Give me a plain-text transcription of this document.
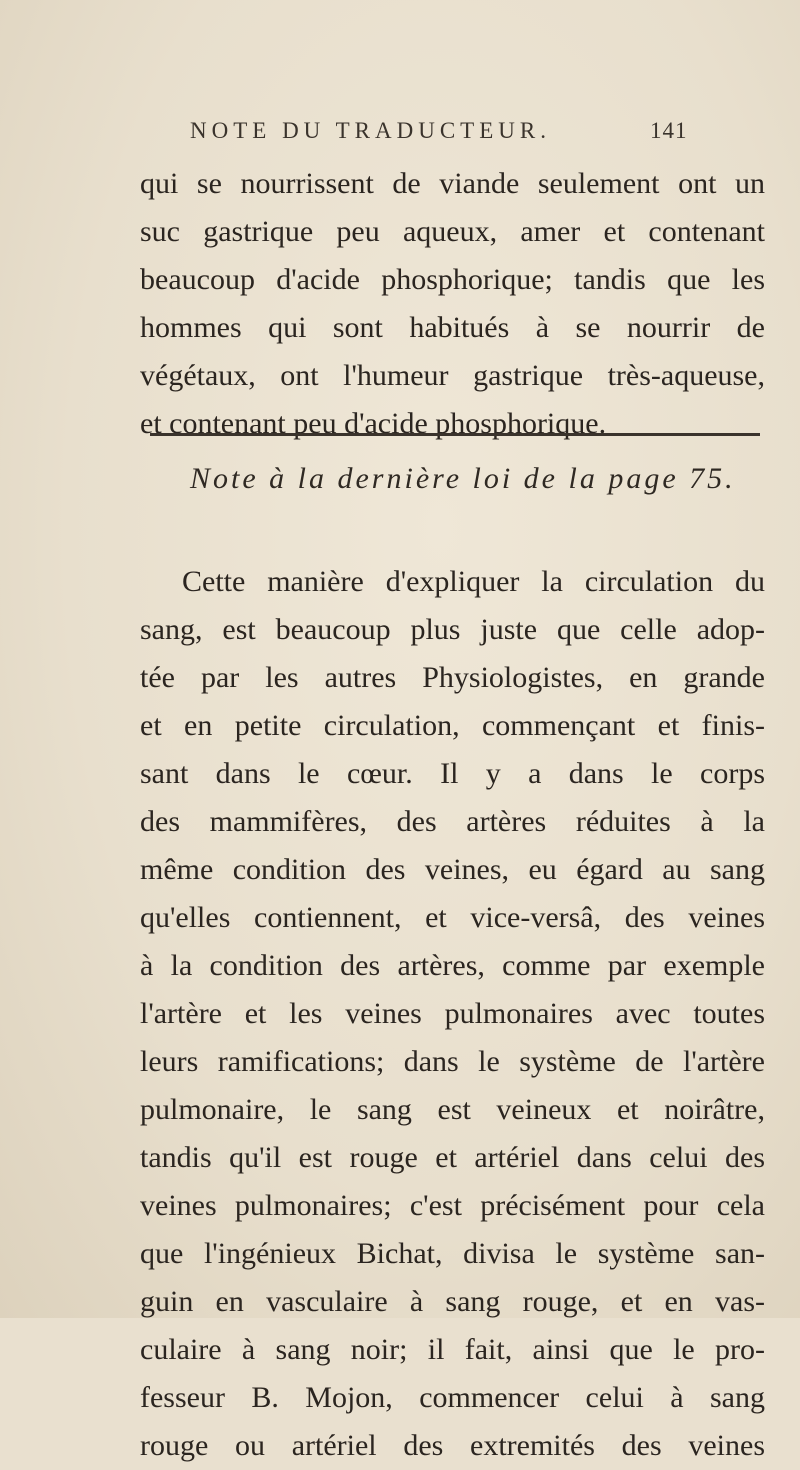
NOTE DU TRADUCTEUR.	141
qui se nourrissent de viande seulement ont un
suc gastrique peu aqueux, amer et contenant
beaucoup d'acide phosphorique; tandis que les
hommes qui sont habitués à se nourrir de
végétaux, ont l'humeur gastrique très-aqueuse,
et contenant peu d'acide phosphorique.
Note à la dernière loi de la page 75.
Cette manière d'expliquer la circulation du
sang, est beaucoup plus juste que celle adop-
tée par les autres Physiologistes, en grande
et en petite circulation, commençant et finis-
sant dans le cœur. Il y a dans le corps
des mammifères, des artères réduites à la
même condition des veines, eu égard au sang
qu'elles contiennent, et vice-versâ, des veines
à la condition des artères, comme par exemple
l'artère et les veines pulmonaires avec toutes
leurs ramifications; dans le système de l'artère
pulmonaire, le sang est veineux et noirâtre,
tandis qu'il est rouge et artériel dans celui des
veines pulmonaires; c'est précisément pour cela
que l'ingénieux Bichat, divisa le système san-
guin en vasculaire à sang rouge, et en vas-
culaire à sang noir; il fait, ainsi que le pro-
fesseur B. Mojon, commencer celui à sang
rouge ou artériel des extremités des veines
